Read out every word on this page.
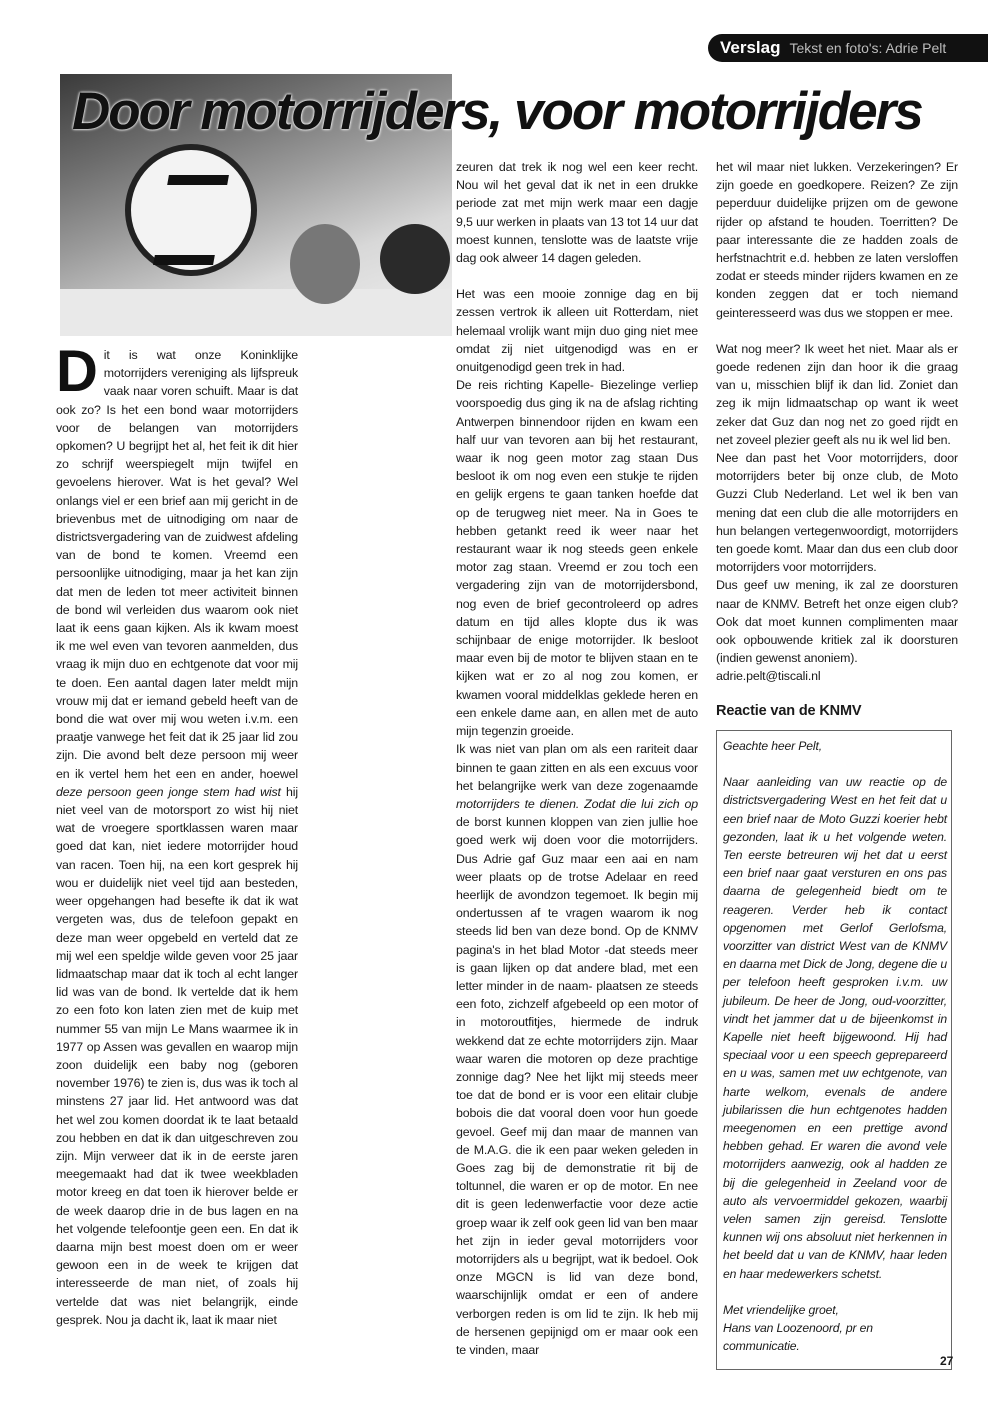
Verslag Tekst en foto's: Adrie Pelt
Door motorrijders, voor motorrijders

Dit is wat onze Koninklijke motorrijders vereniging als lijfspreuk vaak naar voren schuift. Maar is dat ook zo? Is het een bond waar motorrijders voor de belangen van motorrijders opkomen? U begrijpt het al, het feit ik dit hier zo schrijf weerspiegelt mijn twijfel en gevoelens hierover. Wat is het geval? Wel onlangs viel er een brief aan mij gericht in de brievenbus met de uitnodiging om naar de districtsvergadering van de zuidwest afdeling van de bond te komen. Vreemd een persoonlijke uitnodiging, maar ja het kan zijn dat men de leden tot meer activiteit binnen de bond wil verleiden dus waarom ook niet laat ik eens gaan kijken. Als ik kwam moest ik me wel even van tevoren aanmelden, dus vraag ik mijn duo en echtgenote dat voor mij te doen. Een aantal dagen later meldt mijn vrouw mij dat er iemand gebeld heeft van de bond die wat over mij wou weten i.v.m. een praatje vanwege het feit dat ik 25 jaar lid zou zijn. Die avond belt deze persoon mij weer en ik vertel hem het een en ander, hoewel deze persoon geen jonge stem had wist hij niet veel van de motorsport zo wist hij niet wat de vroegere sportklassen waren maar goed dat kan, niet iedere motorrijder houd van racen. Toen hij, na een kort gesprek hij wou er duidelijk niet veel tijd aan besteden, weer opgehangen had besefte ik dat ik wat vergeten was, dus de telefoon gepakt en deze man weer opgebeld en verteld dat ze mij wel een speldje wilde geven voor 25 jaar lidmaatschap maar dat ik toch al echt langer lid was van de bond. Ik vertelde dat ik hem zo een foto kon laten zien met de kuip met nummer 55 van mijn Le Mans waarmee ik in 1977 op Assen was gevallen en waarop mijn zoon duidelijk een baby nog (geboren november 1976) te zien is, dus was ik toch al minstens 27 jaar lid. Het antwoord was dat het wel zou komen doordat ik te laat betaald zou hebben en dat ik dan uitgeschreven zou zijn. Mijn verweer dat ik in de eerste jaren meegemaakt had dat ik twee weekbladen motor kreeg en dat toen ik hierover belde er de week daarop drie in de bus lagen en na het volgende telefoontje geen een. En dat ik daarna mijn best moest doen om er weer gewoon een in de week te krijgen dat interesseerde de man niet, of zoals hij vertelde dat was niet belangrijk, einde gesprek. Nou ja dacht ik, laat ik maar niet

zeuren dat trek ik nog wel een keer recht. Nou wil het geval dat ik net in een drukke periode zat met mijn werk maar een dagje 9,5 uur werken in plaats van 13 tot 14 uur dat moest kunnen, tenslotte was de laatste vrije dag ook alweer 14 dagen geleden.

Het was een mooie zonnige dag en bij zessen vertrok ik alleen uit Rotterdam, niet helemaal vrolijk want mijn duo ging niet mee omdat zij niet uitgenodigd was en er onuitgenodigd geen trek in had.

De reis richting Kapelle- Biezelinge verliep voorspoedig dus ging ik na de afslag richting Antwerpen binnendoor rijden en kwam een half uur van tevoren aan bij het restaurant, waar ik nog geen motor zag staan Dus besloot ik om nog even een stukje te rijden en gelijk ergens te gaan tanken hoefde dat op de terugweg niet meer. Na in Goes te hebben getankt reed ik weer naar het restaurant waar ik nog steeds geen enkele motor zag staan. Vreemd er zou toch een vergadering zijn van de motorrijdersbond, nog even de brief gecontroleerd op adres datum en tijd alles klopte dus ik was schijnbaar de enige motorrijder. Ik besloot maar even bij de motor te blijven staan en te kijken wat er zo al nog zou komen, er kwamen vooral middelklas geklede heren en een enkele dame aan, en allen met de auto mijn tegenzin groeide.

Ik was niet van plan om als een rariteit daar binnen te gaan zitten en als een excuus voor het belangrijke werk van deze zogenaamde motorrijders te dienen. Zodat die lui zich op de borst kunnen kloppen van zien jullie hoe goed werk wij doen voor die motorrijders. Dus Adrie gaf Guz maar een aai en nam weer plaats op de trotse Adelaar en reed heerlijk de avondzon tegemoet. Ik begin mij ondertussen af te vragen waarom ik nog steeds lid ben van deze bond. Op de KNMV pagina's in het blad Motor -dat steeds meer is gaan lijken op dat andere blad, met een letter minder in de naam- plaatsen ze steeds een foto, zichzelf afgebeeld op een motor of in motoroutfitjes, hiermede de indruk wekkend dat ze echte motorrijders zijn. Maar waar waren die motoren op deze prachtige zonnige dag? Nee het lijkt mij steeds meer toe dat de bond er is voor een elitair clubje bobois die dat vooral doen voor hun goede gevoel. Geef mij dan maar de mannen van de M.A.G. die ik een paar weken geleden in Goes zag bij de demonstratie rit bij de toltunnel, die waren er op de motor. En nee dit is geen ledenwerfactie voor deze actie groep waar ik zelf ook geen lid van ben maar het zijn in ieder geval motorrijders voor motorrijders als u begrijpt, wat ik bedoel. Ook onze MGCN is lid van deze bond, waarschijnlijk omdat er een of andere verborgen reden is om lid te zijn. Ik heb mij de hersenen gepijnigd om er maar ook een te vinden, maar

het wil maar niet lukken. Verzekeringen? Er zijn goede en goedkopere. Reizen? Ze zijn peperduur duidelijke prijzen om de gewone rijder op afstand te houden. Toerritten? De paar interessante die ze hadden zoals de herfstnachtrit e.d. hebben ze laten versloffen zodat er steeds minder rijders kwamen en ze konden zeggen dat er toch niemand geinteresseerd was dus we stoppen er mee.

Wat nog meer? Ik weet het niet. Maar als er goede redenen zijn dan hoor ik die graag van u, misschien blijf ik dan lid. Zoniet dan zeg ik mijn lidmaatschap op want ik weet zeker dat Guz dan nog net zo goed rijdt en net zoveel plezier geeft als nu ik wel lid ben.

Nee dan past het Voor motorrijders, door motorrijders beter bij onze club, de Moto Guzzi Club Nederland. Let wel ik ben van mening dat een club die alle motorrijders en hun belangen vertegenwoordigt, motorrijders ten goede komt. Maar dan dus een club door motorrijders voor motorrijders.

Dus geef uw mening, ik zal ze doorsturen naar de KNMV. Betreft het onze eigen club? Ook dat moet kunnen complimenten maar ook opbouwende kritiek zal ik doorsturen (indien gewenst anoniem).

adrie.pelt@tiscali.nl

Reactie van de KNMV

Geachte heer Pelt,

Naar aanleiding van uw reactie op de districtsvergadering West en het feit dat u een brief naar de Moto Guzzi koerier hebt gezonden, laat ik u het volgende weten. Ten eerste betreuren wij het dat u eerst een brief naar gaat versturen en ons pas daarna de gelegenheid biedt om te reageren. Verder heb ik contact opgenomen met Gerlof Gerlofsma, voorzitter van district West van de KNMV en daarna met Dick de Jong, degene die u per telefoon heeft gesproken i.v.m. uw jubileum. De heer de Jong, oud-voorzitter, vindt het jammer dat u de bijeenkomst in Kapelle niet heeft bijgewoond. Hij had speciaal voor u een speech geprepareerd en u was, samen met uw echtgenote, van harte welkom, evenals de andere jubilarissen die hun echtgenotes hadden meegenomen en een prettige avond hebben gehad. Er waren die avond vele motorrijders aanwezig, ook al hadden ze bij die gelegenheid in Zeeland voor de auto als vervoermiddel gekozen, waarbij velen samen zijn gereisd. Tenslotte kunnen wij ons absoluut niet herkennen in het beeld dat u van de KNMV, haar leden en haar medewerkers schetst.

Met vriendelijke groet,

Hans van Loozenoord, pr en communicatie.

27
